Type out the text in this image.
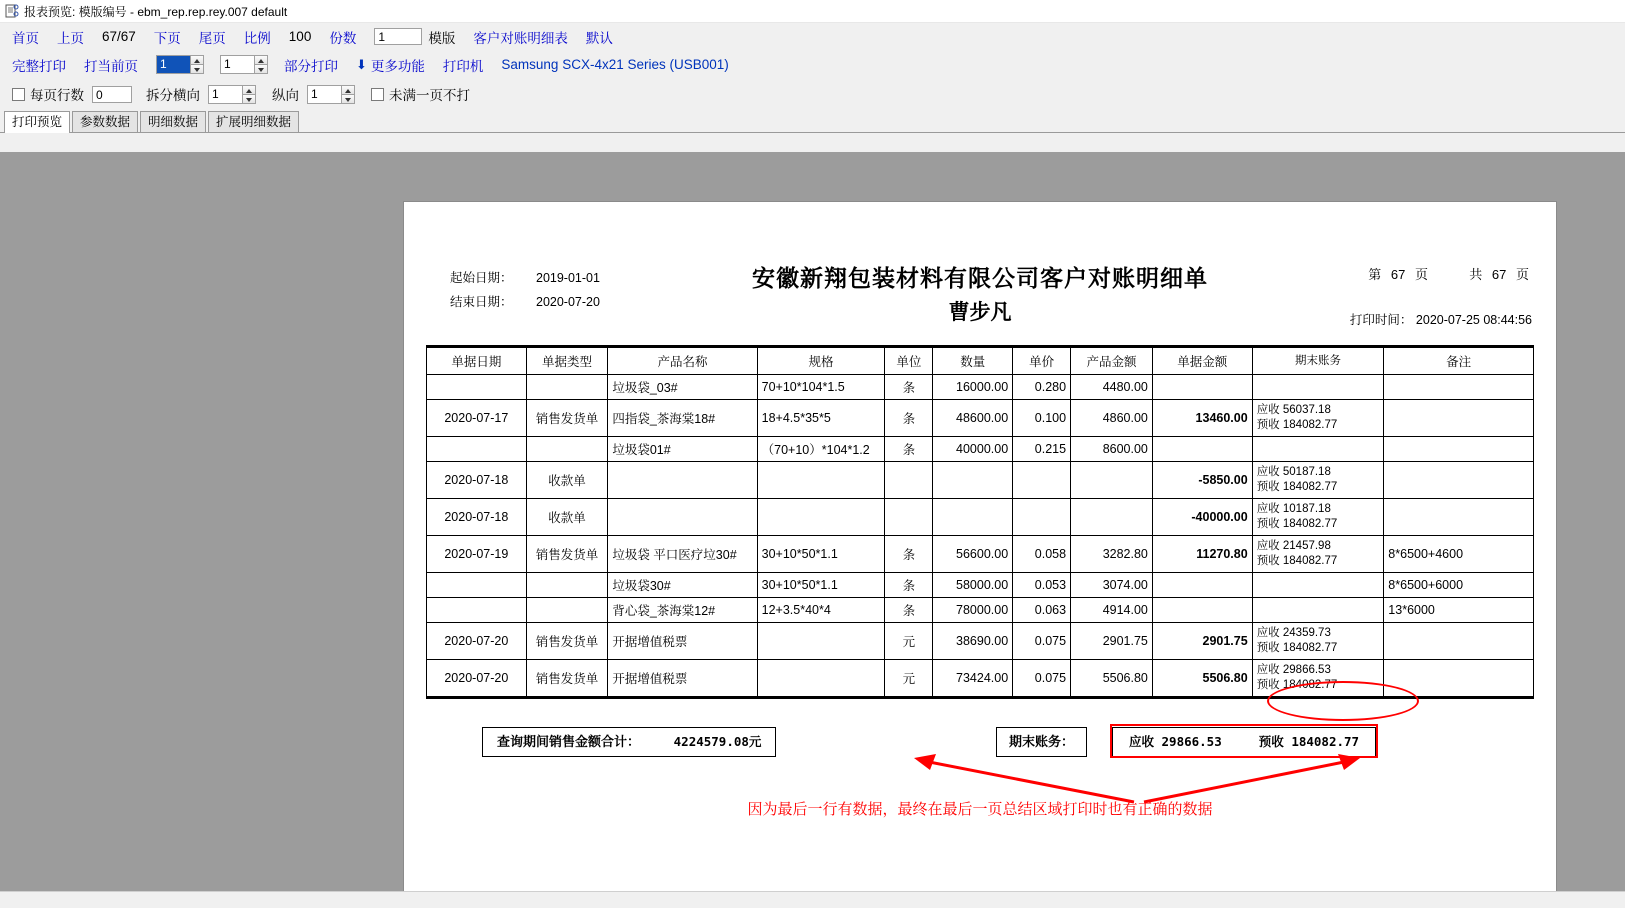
报表预览: 模版编号 - ebm_rep.rep.rey.007 default
首页 上页 67/67 下页 尾页 比例 100 份数	1	模版 客户对账明细表 默认
完整打印 打当前页	1	1	部分打印 ⬇ 更多功能 打印机 Samsung SCX-4x21 Series (USB001)
每页行数	0	拆分横向	1	纵向	1	未满一页不打
打印预览	参数数据	明细数据	扩展明细数据
起始日期：	2019-01-01
结束日期：	2020-07-20
安徽新翔包装材料有限公司客户对账明细单
曹步凡
第 67 页	共 67 页
打印时间： 2020-07-25 08:44:56
单据日期	单据类型	产品名称	规格	单位	数量	单价	产品金额	单据金额	期末账务	备注
		垃圾袋_03#	70+10*104*1.5	条	16000.00	0.280	4480.00		

2020-07-17	销售发货单	四指袋_茶海棠18#	18+4.5*35*5	条	48600.00	0.100	4860.00	13460.00	应收 56037.18
预收 184082.77	

		垃圾袋01#	（70+10）*104*1.2	条	40000.00	0.215	8600.00		

2020-07-18	收款单							-5850.00	应收 50187.18
预收 184082.77	

2020-07-18	收款单							-40000.00	应收 10187.18
预收 184082.77	

2020-07-19	销售发货单	垃圾袋 平口医疗垃30#	30+10*50*1.1	条	56600.00	0.058	3282.80	11270.80	应收 21457.98
预收 184082.77	8*6500+4600
		垃圾袋30#	30+10*50*1.1	条	58000.00	0.053	3074.00			8*6500+6000
		背心袋_茶海棠12#	12+3.5*40*4	条	78000.00	0.063	4914.00			13*6000
2020-07-20	销售发货单	开据增值税票		元	38690.00	0.075	2901.75	2901.75	应收 24359.73
预收 184082.77	

2020-07-20	销售发货单	开据增值税票		元	73424.00	0.075	5506.80	5506.80	应收 29866.53
预收 184082.77	

查询期间销售金额合计：	4224579.08元	期末账务：	应收 29866.53	预收 184082.77
因为最后一行有数据，最终在最后一页总结区域打印时也有正确的数据
